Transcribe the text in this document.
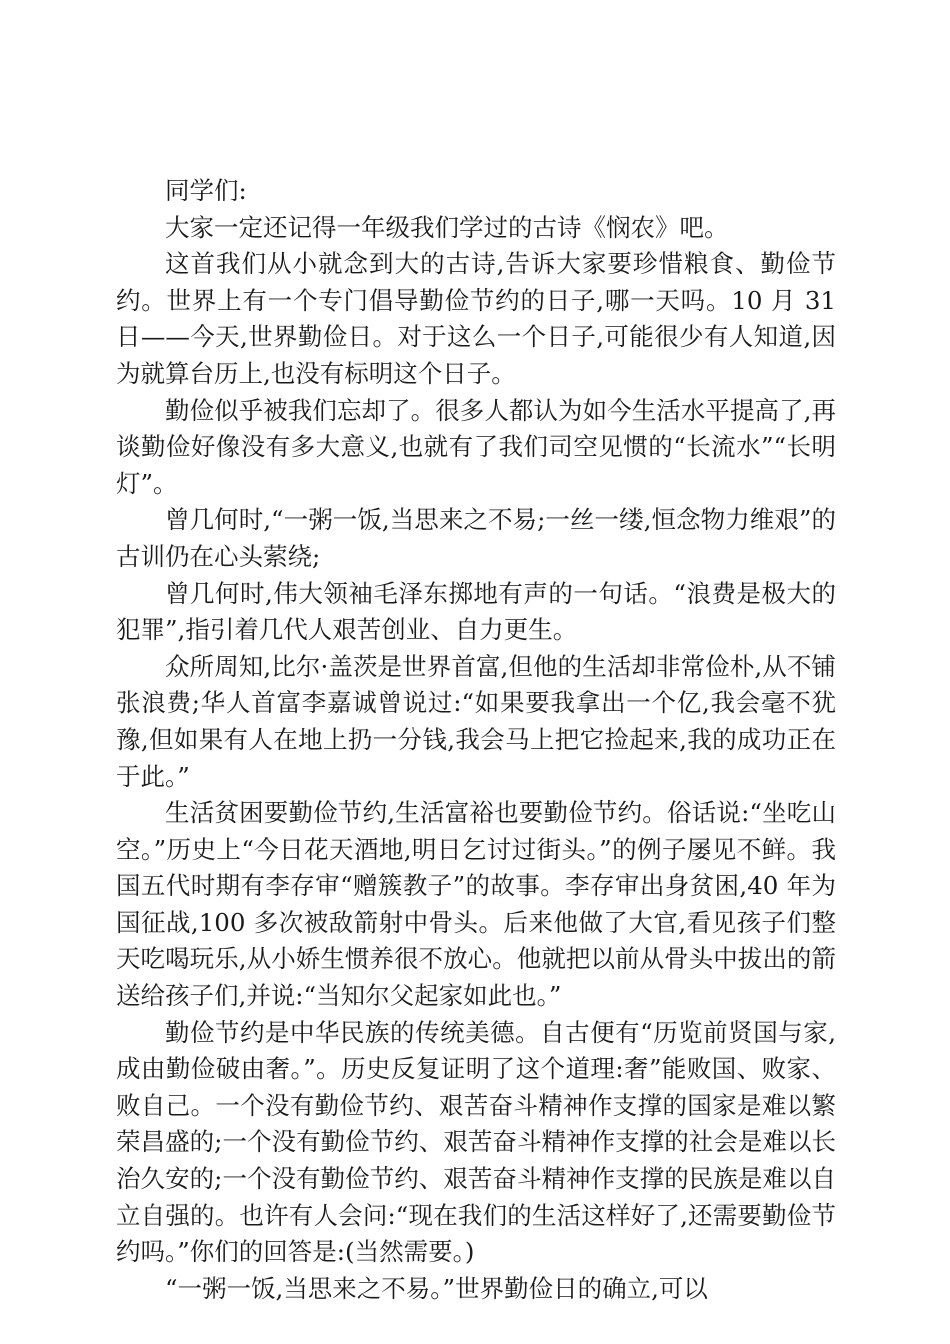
同学们:

大家一定还记得一年级我们学过的古诗《悯农》吧。

这首我们从小就念到大的古诗,告诉大家要珍惜粮食、勤俭节约。世界上有一个专门倡导勤俭节约的日子,哪一天吗。10 月 31 日——今天,世界勤俭日。对于这么一个日子,可能很少有人知道,因为就算台历上,也没有标明这个日子。

勤俭似乎被我们忘却了。很多人都认为如今生活水平提高了,再谈勤俭好像没有多大意义,也就有了我们司空见惯的“长流水”“长明灯”。

曾几何时,“一粥一饭,当思来之不易;一丝一缕,恒念物力维艰”的古训仍在心头萦绕;

曾几何时,伟大领袖毛泽东掷地有声的一句话。“浪费是极大的犯罪”,指引着几代人艰苦创业、自力更生。

众所周知,比尔·盖茨是世界首富,但他的生活却非常俭朴,从不铺张浪费;华人首富李嘉诚曾说过:“如果要我拿出一个亿,我会毫不犹豫,但如果有人在地上扔一分钱,我会马上把它捡起来,我的成功正在于此。”

生活贫困要勤俭节约,生活富裕也要勤俭节约。俗话说:“坐吃山空。”历史上“今日花天酒地,明日乞讨过街头。”的例子屡见不鲜。我国五代时期有李存审“赠簇教子”的故事。李存审出身贫困,40 年为国征战,100 多次被敌箭射中骨头。后来他做了大官,看见孩子们整天吃喝玩乐,从小娇生惯养很不放心。他就把以前从骨头中拔出的箭送给孩子们,并说:“当知尔父起家如此也。”

勤俭节约是中华民族的传统美德。自古便有“历览前贤国与家,成由勤俭破由奢。”。历史反复证明了这个道理:奢”能败国、败家、败自己。一个没有勤俭节约、艰苦奋斗精神作支撑的国家是难以繁荣昌盛的;一个没有勤俭节约、艰苦奋斗精神作支撑的社会是难以长治久安的;一个没有勤俭节约、艰苦奋斗精神作支撑的民族是难以自立自强的。也许有人会问:“现在我们的生活这样好了,还需要勤俭节约吗。”你们的回答是:(当然需要。)

“一粥一饭,当思来之不易。”世界勤俭日的确立,可以
